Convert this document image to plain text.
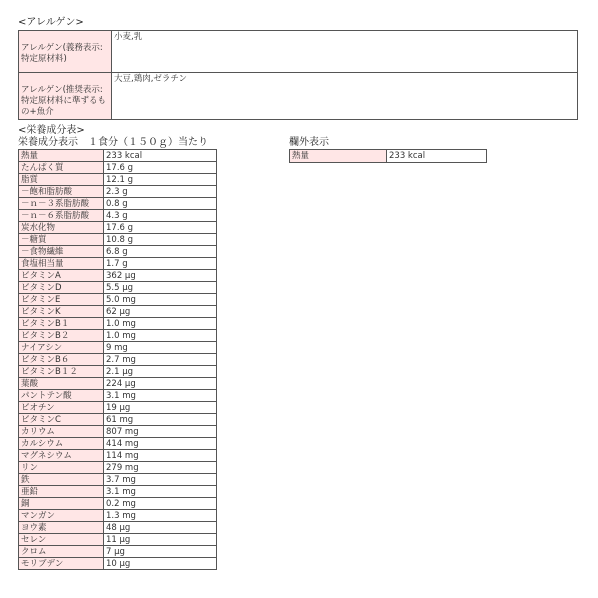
<アレルゲン>
アレルゲン(義務表示:特定原材料)	小麦,乳
アレルゲン(推奨表示:特定原材料に準ずるもの+魚介	大豆,鶏肉,ゼラチン
<栄養成分表>
栄養成分表示　１食分（１５０ｇ）当たり	欄外表示
熱量	233 kcal
たんぱく質	17.6 g
脂質	12.1 g
－飽和脂肪酸	2.3 g
－ｎ－３系脂肪酸	0.8 g
－ｎ－６系脂肪酸	4.3 g
炭水化物	17.6 g
－糖質	10.8 g
－食物繊維	6.8 g
食塩相当量	1.7 g
ビタミンA	362 μg
ビタミンD	5.5 μg
ビタミンE	5.0 mg
ビタミンK	62 μg
ビタミンB１	1.0 mg
ビタミンB２	1.0 mg
ナイアシン	9 mg
ビタミンB６	2.7 mg
ビタミンB１２	2.1 μg
葉酸	224 μg
パントテン酸	3.1 mg
ビオチン	19 μg
ビタミンC	61 mg
カリウム	807 mg
カルシウム	414 mg
マグネシウム	114 mg
リン	279 mg
鉄	3.7 mg
亜鉛	3.1 mg
銅	0.2 mg
マンガン	1.3 mg
ヨウ素	48 μg
セレン	11 μg
クロム	7 μg
モリブデン	10 μg
熱量	233 kcal
